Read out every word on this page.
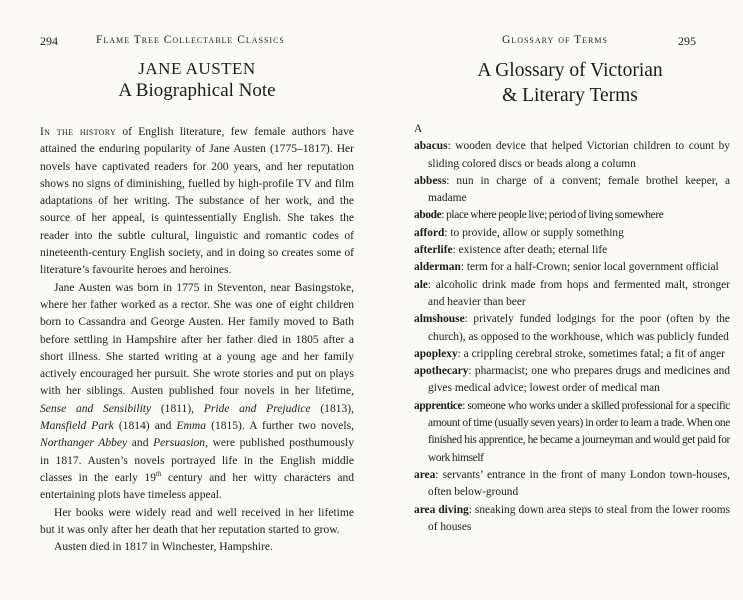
294	Flame Tree Collectable Classics
JANE AUSTEN
A Biographical Note

In the history of English literature, few female authors have attained the enduring popularity of Jane Austen (1775–1817). Her novels have captivated readers for 200 years, and her reputation shows no signs of diminishing, fuelled by high-profile TV and film adaptations of her writing. The substance of her work, and the source of her appeal, is quintessentially English. She takes the reader into the subtle cultural, linguistic and romantic codes of nineteenth-century English society, and in doing so creates some of literature’s favourite heroes and heroines.

Jane Austen was born in 1775 in Steventon, near Basingstoke, where her father worked as a rector. She was one of eight children born to Cassandra and George Austen. Her family moved to Bath before settling in Hampshire after her father died in 1805 after a short illness. She started writing at a young age and her family actively encouraged her pursuit. She wrote stories and put on plays with her siblings. Austen published four novels in her lifetime, Sense and Sensibility (1811), Pride and Prejudice (1813), Mansfield Park (1814) and Emma (1815). A further two novels, Northanger Abbey and Persuasion, were published posthumously in 1817. Austen’s novels portrayed life in the English middle classes in the early 19th century and her witty characters and entertaining plots have timeless appeal.

Her books were widely read and well received in her lifetime but it was only after her death that her reputation started to grow.

Austen died in 1817 in Winchester, Hampshire.

Glossary of Terms	295
A Glossary of Victorian
& Literary Terms
A
abacus: wooden device that helped Victorian children to count by sliding colored discs or beads along a column
abbess: nun in charge of a convent; female brothel keeper, a madame
abode: place where people live; period of living somewhere
afford: to provide, allow or supply something
afterlife: existence after death; eternal life
alderman: term for a half-Crown; senior local government official
ale: alcoholic drink made from hops and fermented malt, stronger and heavier than beer
almshouse: privately funded lodgings for the poor (often by the church), as opposed to the workhouse, which was publicly funded
apoplexy: a crippling cerebral stroke, sometimes fatal; a fit of anger
apothecary: pharmacist; one who prepares drugs and medicines and gives medical advice; lowest order of medical man
apprentice: someone who works under a skilled professional for a specific amount of time (usually seven years) in order to learn a trade. When one finished his apprentice, he became a journeyman and would get paid for work himself
area: servants’ entrance in the front of many London town-houses, often below-ground
area diving: sneaking down area steps to steal from the lower rooms of houses
